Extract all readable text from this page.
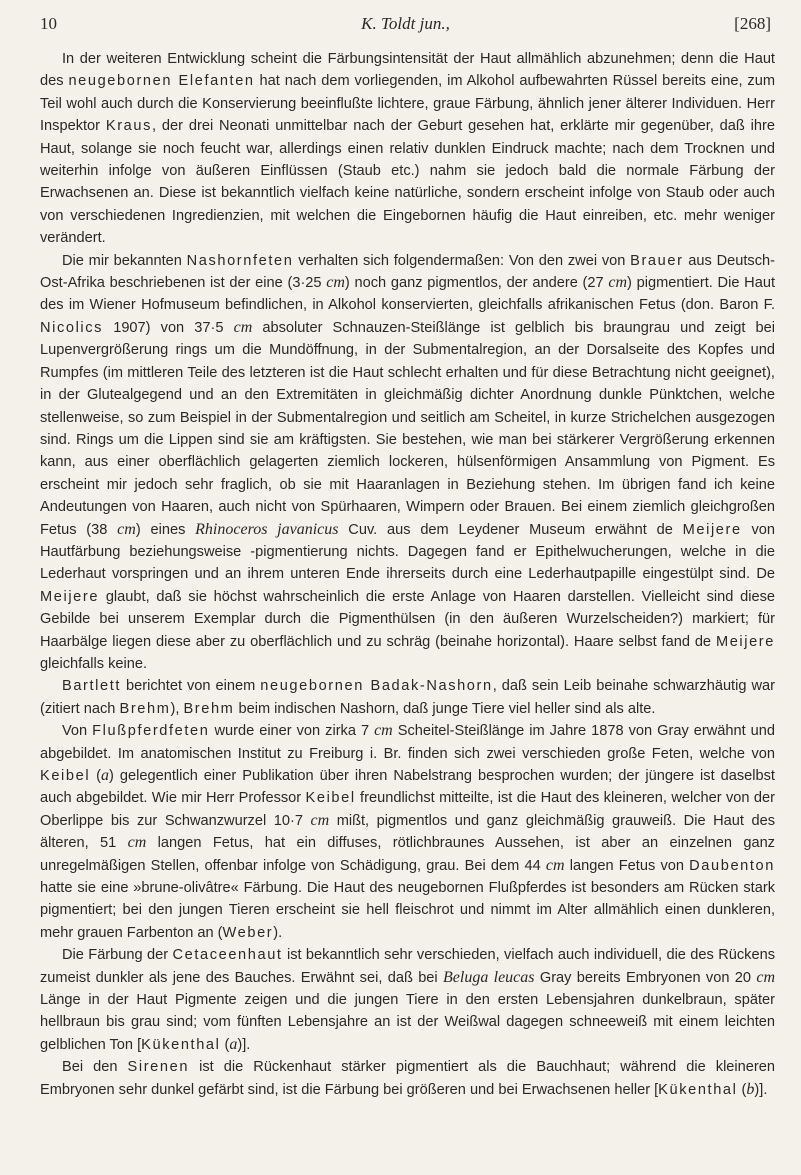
10	K. Toldt jun.,	[268]

In der weiteren Entwicklung scheint die Färbungsintensität der Haut allmählich abzunehmen; denn die Haut des neugebornen Elefanten hat nach dem vorliegenden, im Alkohol aufbewahrten Rüssel bereits eine, zum Teil wohl auch durch die Konservierung beeinflußte lichtere, graue Färbung, ähnlich jener älterer Individuen. Herr Inspektor Kraus, der drei Neonati unmittelbar nach der Geburt gesehen hat, erklärte mir gegenüber, daß ihre Haut, solange sie noch feucht war, allerdings einen relativ dunklen Eindruck machte; nach dem Trocknen und weiterhin infolge von äußeren Einflüssen (Staub etc.) nahm sie jedoch bald die normale Färbung der Erwachsenen an. Diese ist bekanntlich vielfach keine natürliche, sondern erscheint infolge von Staub oder auch von verschiedenen Ingredienzien, mit welchen die Eingebornen häufig die Haut einreiben, etc. mehr weniger verändert.

Die mir bekannten Nashornfeten verhalten sich folgendermaßen: Von den zwei von Brauer aus Deutsch-Ost-Afrika beschriebenen ist der eine (3·25 cm) noch ganz pigmentlos, der andere (27 cm) pigmentiert. Die Haut des im Wiener Hofmuseum befindlichen, in Alkohol konservierten, gleichfalls afrikanischen Fetus (don. Baron F. Nicolics 1907) von 37·5 cm absoluter Schnauzen-Steißlänge ist gelblich bis braungrau und zeigt bei Lupenvergrößerung rings um die Mundöffnung, in der Submentalregion, an der Dorsalseite des Kopfes und Rumpfes (im mittleren Teile des letzteren ist die Haut schlecht erhalten und für diese Betrachtung nicht geeignet), in der Glutealgegend und an den Extremitäten in gleichmäßig dichter Anordnung dunkle Pünktchen, welche stellenweise, so zum Beispiel in der Submentalregion und seitlich am Scheitel, in kurze Strichelchen ausgezogen sind. Rings um die Lippen sind sie am kräftigsten. Sie bestehen, wie man bei stärkerer Vergrößerung erkennen kann, aus einer oberflächlich gelagerten ziemlich lockeren, hülsenförmigen Ansammlung von Pigment. Es erscheint mir jedoch sehr fraglich, ob sie mit Haaranlagen in Beziehung stehen. Im übrigen fand ich keine Andeutungen von Haaren, auch nicht von Spürhaaren, Wimpern oder Brauen. Bei einem ziemlich gleichgroßen Fetus (38 cm) eines Rhinoceros javanicus Cuv. aus dem Leydener Museum erwähnt de Meijere von Hautfärbung beziehungsweise -pigmentierung nichts. Dagegen fand er Epithelwucherungen, welche in die Lederhaut vorspringen und an ihrem unteren Ende ihrerseits durch eine Lederhautpapille eingestülpt sind. De Meijere glaubt, daß sie höchst wahrscheinlich die erste Anlage von Haaren darstellen. Vielleicht sind diese Gebilde bei unserem Exemplar durch die Pigmenthülsen (in den äußeren Wurzelscheiden?) markiert; für Haarbälge liegen diese aber zu oberflächlich und zu schräg (beinahe horizontal). Haare selbst fand de Meijere gleichfalls keine.

Bartlett berichtet von einem neugebornen Badak-Nashorn, daß sein Leib beinahe schwarzhäutig war (zitiert nach Brehm), Brehm beim indischen Nashorn, daß junge Tiere viel heller sind als alte.

Von Flußpferdfeten wurde einer von zirka 7 cm Scheitel-Steißlänge im Jahre 1878 von Gray erwähnt und abgebildet. Im anatomischen Institut zu Freiburg i. Br. finden sich zwei verschieden große Feten, welche von Keibel (a) gelegentlich einer Publikation über ihren Nabelstrang besprochen wurden; der jüngere ist daselbst auch abgebildet. Wie mir Herr Professor Keibel freundlichst mitteilte, ist die Haut des kleineren, welcher von der Oberlippe bis zur Schwanzwurzel 10·7 cm mißt, pigmentlos und ganz gleichmäßig grauweiß. Die Haut des älteren, 51 cm langen Fetus, hat ein diffuses, rötlichbraunes Aussehen, ist aber an einzelnen ganz unregelmäßigen Stellen, offenbar infolge von Schädigung, grau. Bei dem 44 cm langen Fetus von Daubenton hatte sie eine »brune-olivâtre« Färbung. Die Haut des neugebornen Flußpferdes ist besonders am Rücken stark pigmentiert; bei den jungen Tieren erscheint sie hell fleischrot und nimmt im Alter allmählich einen dunkleren, mehr grauen Farbenton an (Weber).

Die Färbung der Cetaceenhaut ist bekanntlich sehr verschieden, vielfach auch individuell, die des Rückens zumeist dunkler als jene des Bauches. Erwähnt sei, daß bei Beluga leucas Gray bereits Embryonen von 20 cm Länge in der Haut Pigmente zeigen und die jungen Tiere in den ersten Lebensjahren dunkelbraun, später hellbraun bis grau sind; vom fünften Lebensjahre an ist der Weißwal dagegen schneeweiß mit einem leichten gelblichen Ton [Kükenthal (a)].

Bei den Sirenen ist die Rückenhaut stärker pigmentiert als die Bauchhaut; während die kleineren Embryonen sehr dunkel gefärbt sind, ist die Färbung bei größeren und bei Erwachsenen heller [Kükenthal (b)].
